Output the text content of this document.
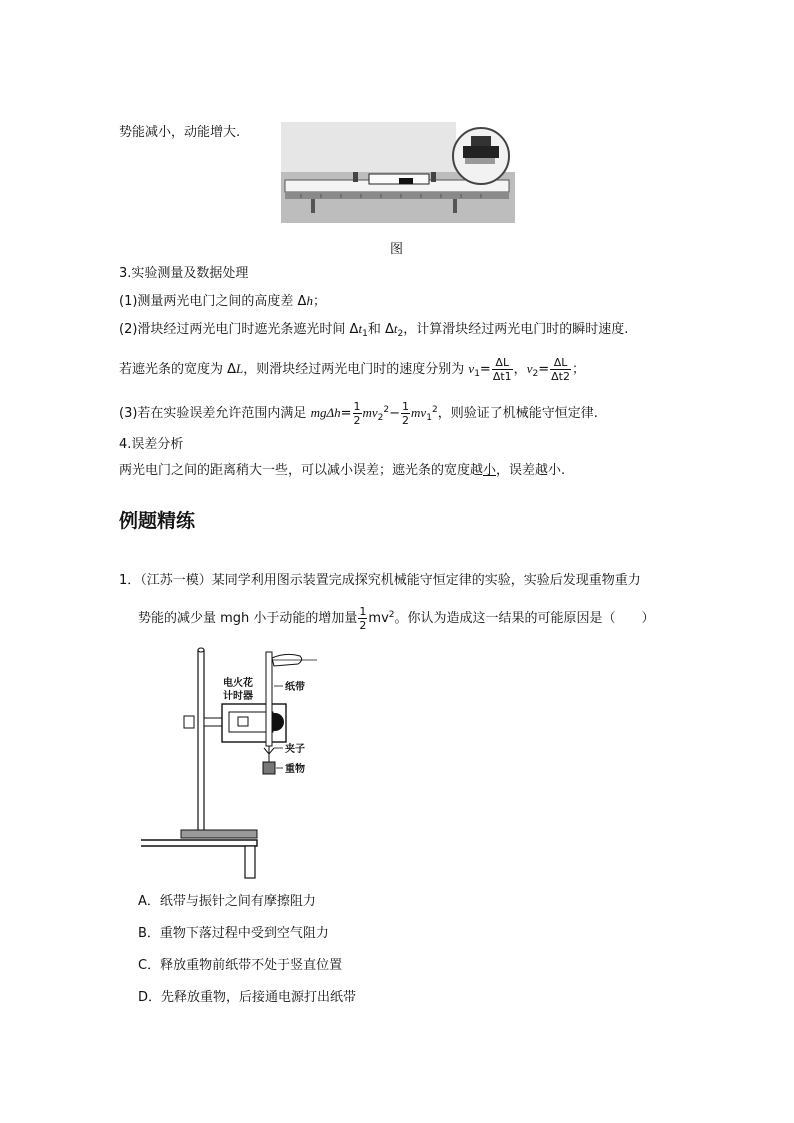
势能减小，动能增大.
图
3.实验测量及数据处理
(1)测量两光电门之间的高度差 Δh；
(2)滑块经过两光电门时遮光条遮光时间 $\Delta t_1$和 $\Delta t_2$，计算滑块经过两光电门时的瞬时速度.
若遮光条的宽度为 ΔL，则滑块经过两光电门时的速度分别为 $v_1= \frac{\Delta L}{\Delta t1}$ ，$v_2= \frac{\Delta L}{\Delta t2}$ ；
(3)若在实验误差允许范围内满足 $mg\Delta h= \frac{1}{2} mv_2^2- \frac{1}{2} mv_1^2$，则验证了机械能守恒定律.
4.误差分析
两光电门之间的距离稍大一些，可以减小误差；遮光条的宽度越小，误差越小.
例题精练
1．（江苏一模）某同学利用图示装置完成探究机械能守恒定律的实验，实验后发现重物重力
势能的减少量 mgh 小于动能的增加量 $\frac{1}{2} mv^2$。你认为造成这一结果的可能原因是（　　）
电火花
计时器
纸带
夹子
重物
A．纸带与振针之间有摩擦阻力
B．重物下落过程中受到空气阻力
C．释放重物前纸带不处于竖直位置
D．先释放重物，后接通电源打出纸带
